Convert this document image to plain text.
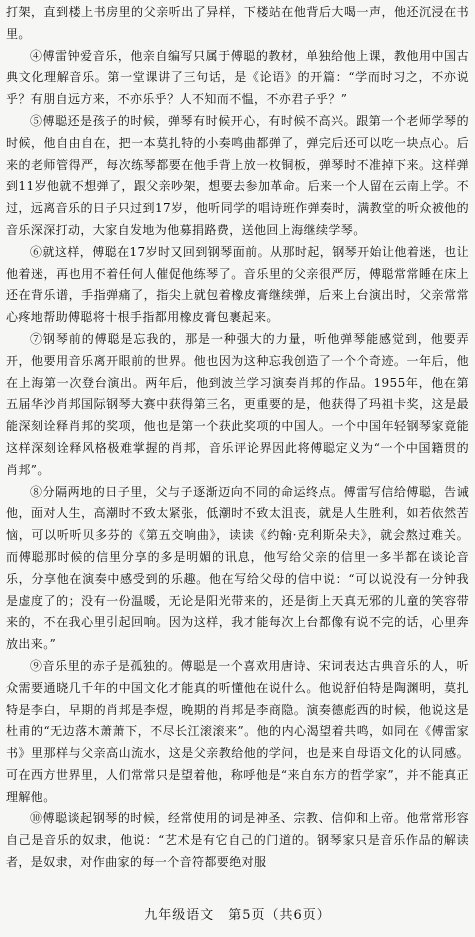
打架，直到楼上书房里的父亲听出了异样，下楼站在他背后大喝一声，他还沉浸在书里。

④傅雷钟爱音乐，他亲自编写只属于傅聪的教材，单独给他上课，教他用中国古典文化理解音乐。第一堂课讲了三句话，是《论语》的开篇：“学而时习之，不亦说乎？有朋自远方来，不亦乐乎？人不知而不愠，不亦君子乎？”

⑤傅聪还是孩子的时候，弹琴有时候开心，有时候不高兴。跟第一个老师学琴的时候，他自由自在，把一本莫扎特的小奏鸣曲都弹了，弹完后还可以吃一块点心。后来的老师管得严，每次练琴都要在他手背上放一枚铜板，弹琴时不准掉下来。这样弹到11岁他就不想弹了，跟父亲吵架，想要去参加革命。后来一个人留在云南上学。不过，远离音乐的日子只过到17岁，他听同学的唱诗班作弹奏时，满教堂的听众被他的音乐深深打动，大家自发地为他募捐路费，送他回上海继续学琴。

⑥就这样，傅聪在17岁时又回到钢琴面前。从那时起，钢琴开始让他着迷，也让他着迷，再也用不着任何人催促他练琴了。音乐里的父亲很严厉，傅聪常常睡在床上还在背乐谱，手指弹痛了，指尖上就包着橡皮膏继续弹，后来上台演出时，父亲常常心疼地帮助傅聪将十根手指都用橡皮膏包裹起来。

⑦钢琴前的傅聪是忘我的，那是一种强大的力量，听他弹琴能感觉到，他要弄开，他要用音乐离开眼前的世界。他也因为这种忘我创造了一个个奇迹。一年后，他在上海第一次登台演出。两年后，他到波兰学习演奏肖邦的作品。1955年，他在第五届华沙肖邦国际钢琴大赛中获得第三名，更重要的是，他获得了玛祖卡奖，这是最能深刻诠释肖邦的奖项，他也是第一个获此奖项的中国人。一个中国年轻钢琴家竟能这样深刻诠释风格极难掌握的肖邦，音乐评论界因此将傅聪定义为“一个中国籍贯的肖邦”。

⑧分隔两地的日子里，父与子逐渐迈向不同的命运终点。傅雷写信给傅聪，告诫他，面对人生，高潮时不致太紧张，低潮时不致太沮丧，就是人生胜利，如若依然苦恼，可以听听贝多芬的《第五交响曲》，读读《约翰·克利斯朵夫》，就会熬过难关。而傅聪那时候的信里分享的多是明媚的讯息，他写给父亲的信里一多半都在谈论音乐，分享他在演奏中感受到的乐趣。他在写给父母的信中说：“可以说没有一分钟我是虚度了的；没有一份温暖，无论是阳光带来的，还是街上天真无邪的儿童的笑容带来的，不在我心里引起回响。因为这样，我才能每次上台都像有说不完的话，心里奔放出来。”

⑨音乐里的赤子是孤独的。傅聪是一个喜欢用唐诗、宋词表达古典音乐的人，听众需要通晓几千年的中国文化才能真的听懂他在说什么。他说舒伯特是陶渊明，莫扎特是李白，早期的肖邦是李煜，晚期的肖邦是李商隐。演奏德彪西的时候，他说这是杜甫的“无边落木萧萧下，不尽长江滚滚来”。他的内心渴望着共鸣，如同在《傅雷家书》里那样与父亲高山流水，这是父亲教给他的学问，也是来自母语文化的认同感。可在西方世界里，人们常常只是望着他，称呼他是“来自东方的哲学家”，并不能真正理解他。

⑩傅聪谈起钢琴的时候，经常使用的词是神圣、宗教、信仰和上帝。他常常形容自己是音乐的奴隶，他说：“艺术是有它自己的门道的。钢琴家只是音乐作品的解读者，是奴隶，对作曲家的每一个音符都要绝对服

九年级语文　第5页（共6页）
